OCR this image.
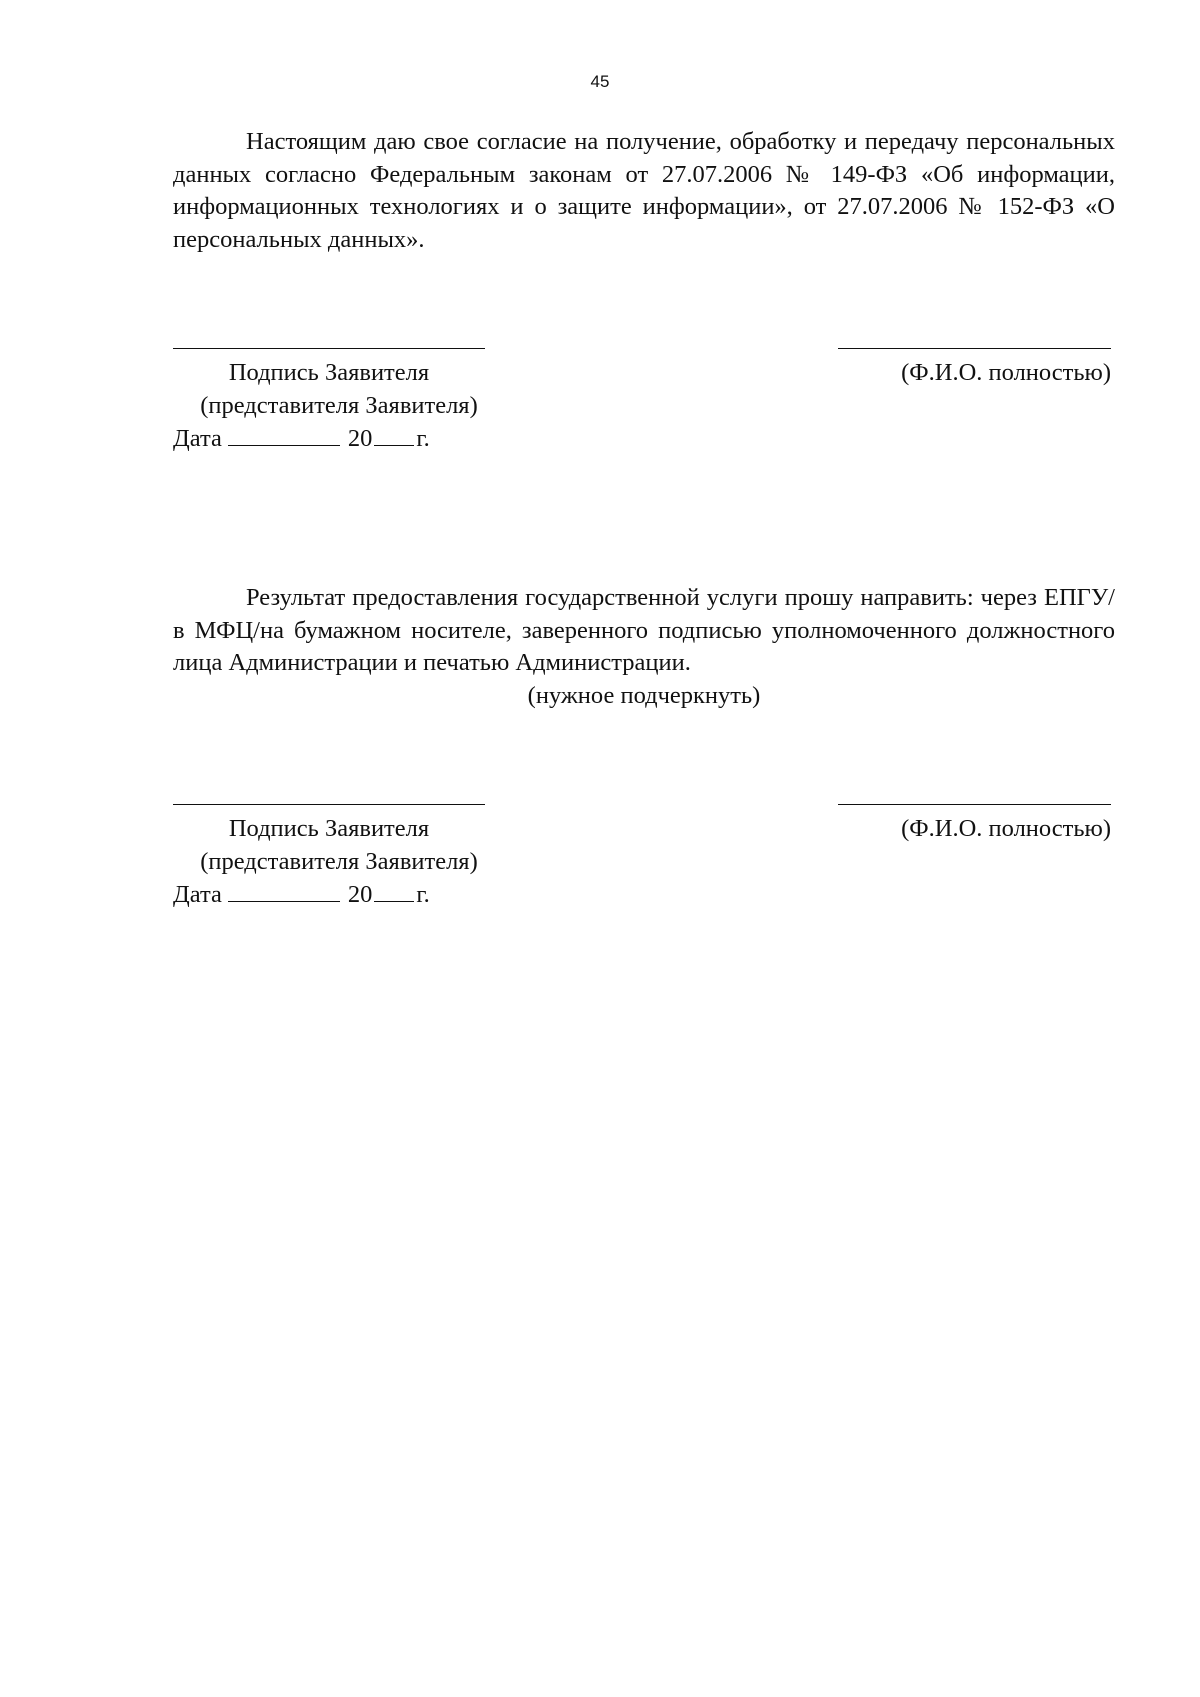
45

Настоящим даю свое согласие на получение, обработку и передачу персональных данных согласно Федеральным законам от 27.07.2006 № 149-ФЗ «Об информации, информационных технологиях и о защите информации», от 27.07.2006 № 152-ФЗ «О персональных данных».

Подпись Заявителя	(Ф.И.О. полностью)
(представителя Заявителя)
Дата	20 г.

Результат предоставления государственной услуги прошу направить: через ЕПГУ/в МФЦ/на бумажном носителе, заверенного подписью уполномоченного должностного лица Администрации и печатью Администрации.
(нужное подчеркнуть)

Подпись Заявителя	(Ф.И.О. полностью)
(представителя Заявителя)
Дата	20 г.
